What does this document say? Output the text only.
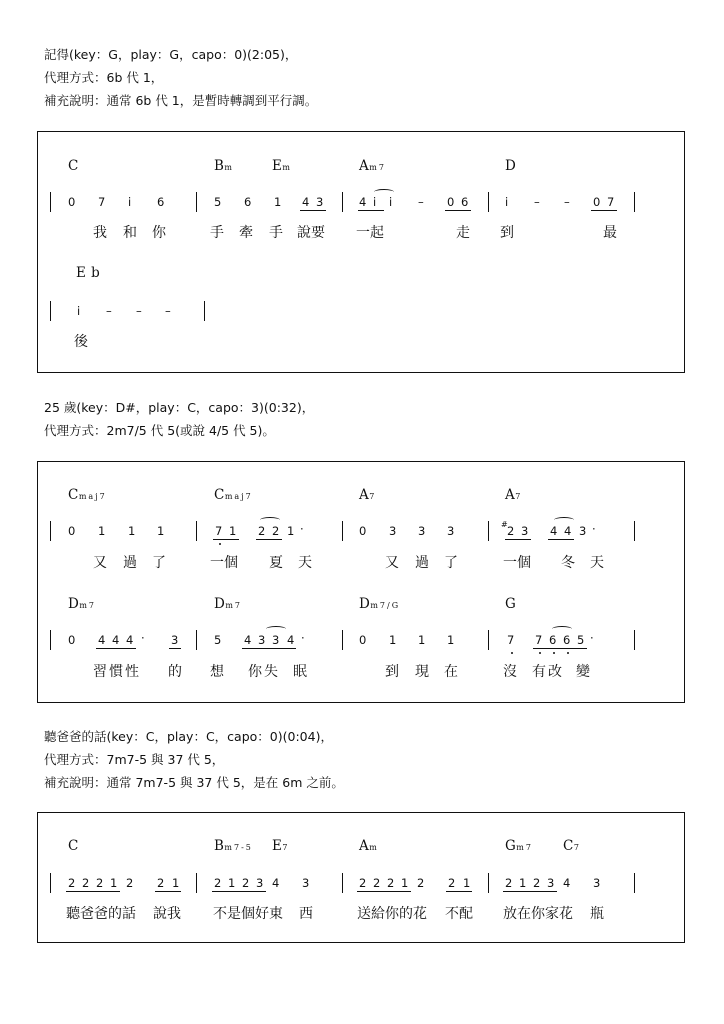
記得(key：G，play：G，capo：0)(2:05)，
代理方式：6b 代 1，
補充說明：通常 6b 代 1，是暫時轉調到平行調。
C	Bm	Em	Am7	D
0 7 i 6	5 6 1 4 3	4 i i – 0 6	i – – 0 7
我 和 你	手 牽 手 說要 一起	走 到	最
E b
i – – –
後
25 歲(key：D#，play：C，capo：3)(0:32)，
代理方式：2m7/5 代 5(或說 4/5 代 5)。
Cmaj7	Cmaj7	A7	A7
0 1 1 1	7 1 2 2 1 ·	0 3 3 3	# 2 3 4 4 3 ·
又 過 了	一個 夏 天	又 過 了	一個 冬 天
Dm7	Dm7	Dm7/G	G
0 4 4 4 · 3	5 4 3 3 4 ·	0 1 1 1	7 7 6 6 5 ·
習慣性 的 想 你失 眠	到 現 在	沒 有改 變
聽爸爸的話(key：C，play：C，capo：0)(0:04)，
代理方式：7m7-5 與 37 代 5，
補充說明：通常 7m7-5 與 37 代 5，是在 6m 之前。
C	Bm7-5 E7	Am	Gm7 C7
2 2 2 1 2 2 1	2 1 2 3 4 3	2 2 2 1 2 2 1	2 1 2 3 4 3
聽爸爸的話 說我 不是個好東 西	送給你的花 不配 放在你家花 瓶
